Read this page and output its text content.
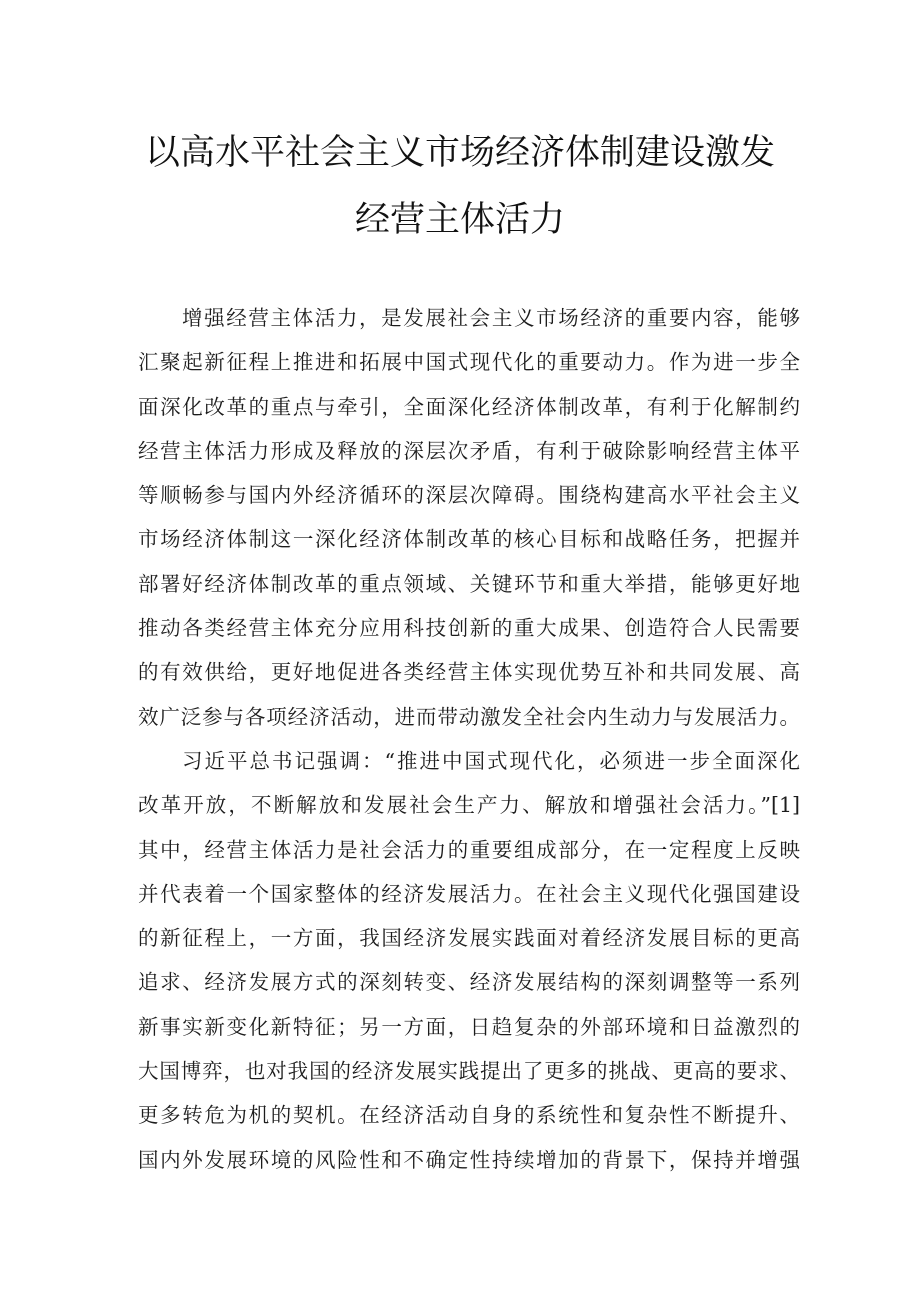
以高水平社会主义市场经济体制建设激发
经营主体活力
增强经营主体活力，是发展社会主义市场经济的重要内容，能够
汇聚起新征程上推进和拓展中国式现代化的重要动力。作为进一步全
面深化改革的重点与牵引，全面深化经济体制改革，有利于化解制约
经营主体活力形成及释放的深层次矛盾，有利于破除影响经营主体平
等顺畅参与国内外经济循环的深层次障碍。围绕构建高水平社会主义
市场经济体制这一深化经济体制改革的核心目标和战略任务，把握并
部署好经济体制改革的重点领域、关键环节和重大举措，能够更好地
推动各类经营主体充分应用科技创新的重大成果、创造符合人民需要
的有效供给，更好地促进各类经营主体实现优势互补和共同发展、高
效广泛参与各项经济活动，进而带动激发全社会内生动力与发展活力。
习近平总书记强调：“推进中国式现代化，必须进一步全面深化
改革开放，不断解放和发展社会生产力、解放和增强社会活力。”[1]
其中，经营主体活力是社会活力的重要组成部分，在一定程度上反映
并代表着一个国家整体的经济发展活力。在社会主义现代化强国建设
的新征程上，一方面，我国经济发展实践面对着经济发展目标的更高
追求、经济发展方式的深刻转变、经济发展结构的深刻调整等一系列
新事实新变化新特征；另一方面，日趋复杂的外部环境和日益激烈的
大国博弈，也对我国的经济发展实践提出了更多的挑战、更高的要求、
更多转危为机的契机。在经济活动自身的系统性和复杂性不断提升、
国内外发展环境的风险性和不确定性持续增加的背景下，保持并增强
